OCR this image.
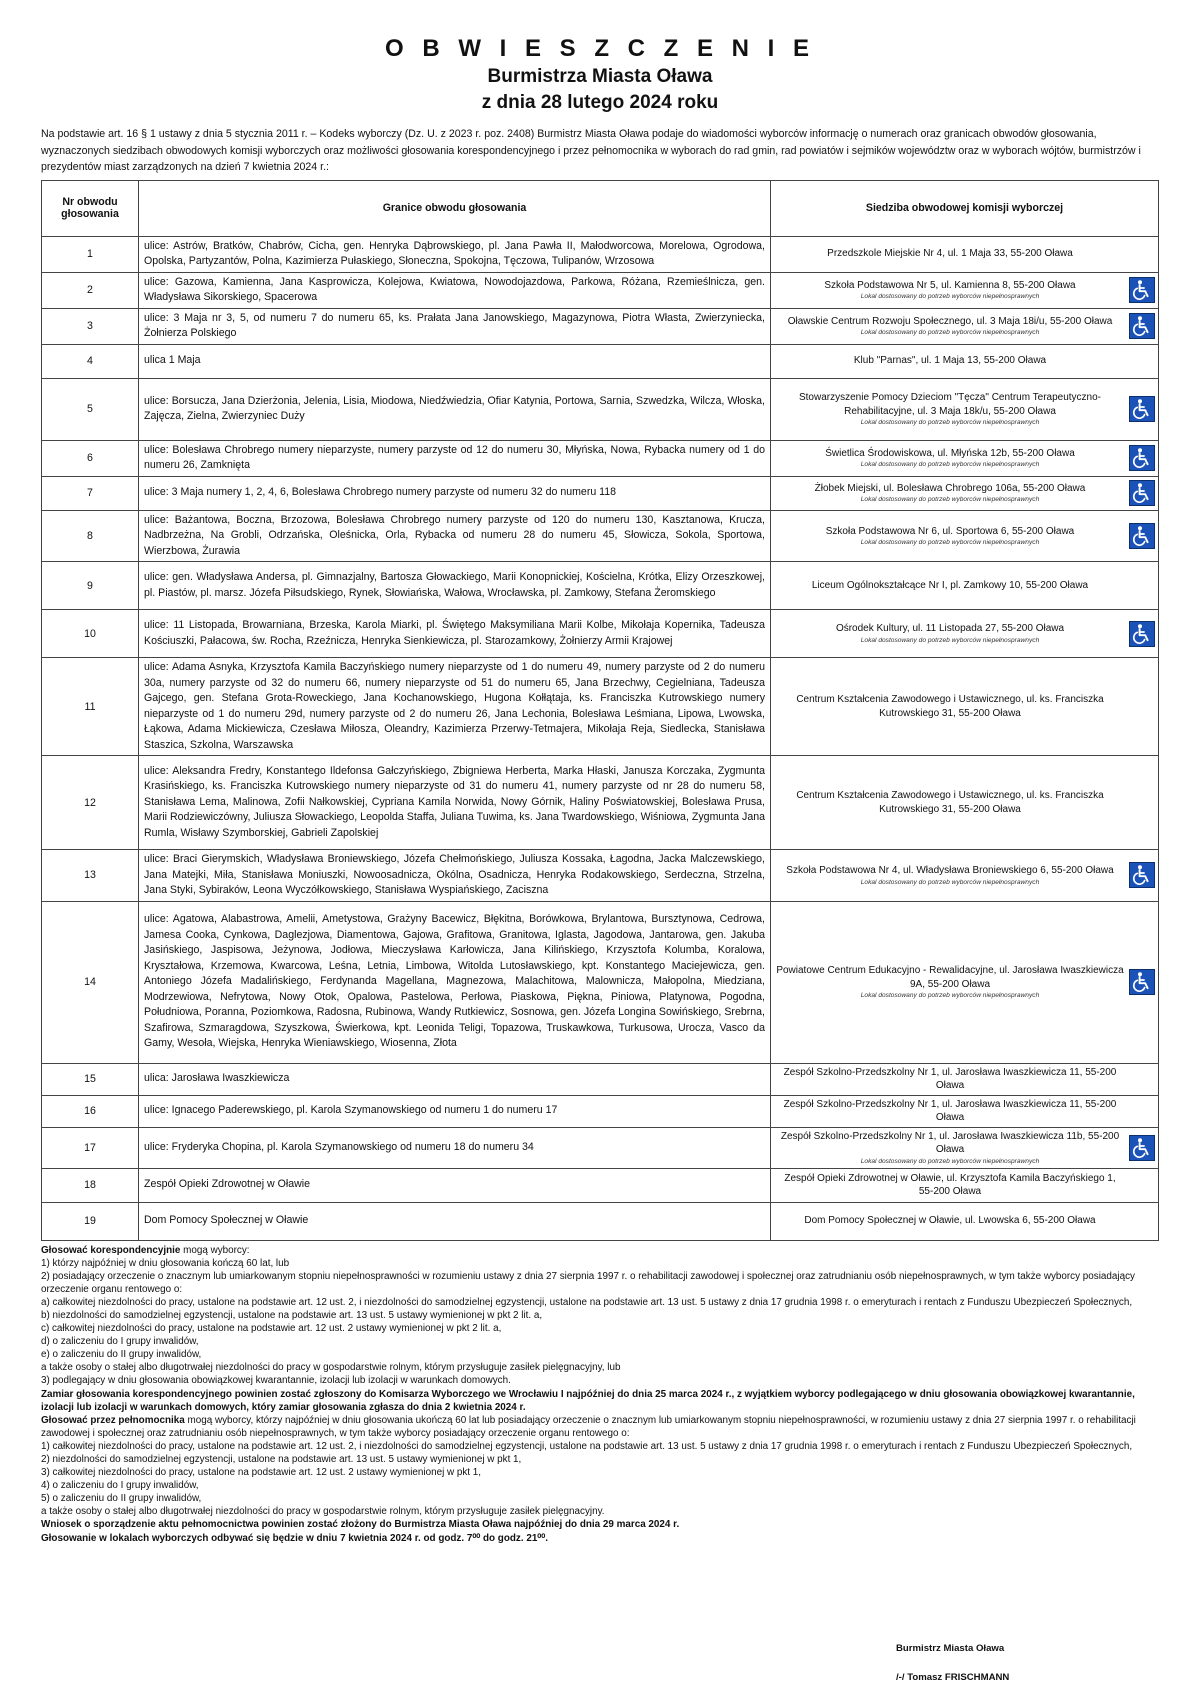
O B W I E S Z C Z E N I E
Burmistrza Miasta Oława
z dnia 28 lutego 2024 roku
Na podstawie art. 16 § 1 ustawy z dnia 5 stycznia 2011 r. – Kodeks wyborczy (Dz. U. z 2023 r. poz. 2408) Burmistrz Miasta Oława podaje do wiadomości wyborców informację o numerach oraz granicach obwodów głosowania, wyznaczonych siedzibach obwodowych komisji wyborczych oraz możliwości głosowania korespondencyjnego i przez pełnomocnika w wyborach do rad gmin, rad powiatów i sejmików województw oraz w wyborach wójtów, burmistrzów i prezydentów miast zarządzonych na dzień 7 kwietnia 2024 r.:
Nr obwodu głosowania	Granice obwodu głosowania	Siedziba obwodowej komisji wyborczej
1	ulice: Astrów, Bratków, Chabrów, Cicha, gen. Henryka Dąbrowskiego, pl. Jana Pawła II, Małodworcowa, Morelowa, Ogrodowa, Opolska, Partyzantów, Polna, Kazimierza Pułaskiego, Słoneczna, Spokojna, Tęczowa, Tulipanów, Wrzosowa	Przedszkole Miejskie Nr 4, ul. 1 Maja 33, 55-200 Oława
2	ulice: Gazowa, Kamienna, Jana Kasprowicza, Kolejowa, Kwiatowa, Nowodojazdowa, Parkowa, Różana, Rzemieślnicza, gen. Władysława Sikorskiego, Spacerowa	Szkoła Podstawowa Nr 5, ul. Kamienna 8, 55-200 Oława
Lokal dostosowany do potrzeb wyborców niepełnosprawnych

3	ulice: 3 Maja nr 3, 5, od numeru 7 do numeru 65, ks. Prałata Jana Janowskiego, Magazynowa, Piotra Własta, Zwierzyniecka, Żołnierza Polskiego	Oławskie Centrum Rozwoju Społecznego, ul. 3 Maja 18i/u, 55-200 Oława
Lokal dostosowany do potrzeb wyborców niepełnosprawnych

4	ulica 1 Maja	Klub "Parnas", ul. 1 Maja 13, 55-200 Oława
5	ulice: Borsucza, Jana Dzierżonia, Jelenia, Lisia, Miodowa, Niedźwiedzia, Ofiar Katynia, Portowa, Sarnia, Szwedzka, Wilcza, Włoska, Zajęcza, Zielna, Zwierzyniec Duży	Stowarzyszenie Pomocy Dzieciom "Tęcza" Centrum Terapeutyczno-Rehabilitacyjne, ul. 3 Maja 18k/u, 55-200 Oława
Lokal dostosowany do potrzeb wyborców niepełnosprawnych

6	ulice: Bolesława Chrobrego numery nieparzyste, numery parzyste od 12 do numeru 30, Młyńska, Nowa, Rybacka numery od 1 do numeru 26, Zamknięta	Świetlica Środowiskowa, ul. Młyńska 12b, 55-200 Oława
Lokal dostosowany do potrzeb wyborców niepełnosprawnych

7	ulice: 3 Maja numery 1, 2, 4, 6, Bolesława Chrobrego numery parzyste od numeru 32 do numeru 118	Żłobek Miejski, ul. Bolesława Chrobrego 106a, 55-200 Oława
Lokal dostosowany do potrzeb wyborców niepełnosprawnych

8	ulice: Bażantowa, Boczna, Brzozowa, Bolesława Chrobrego numery parzyste od 120 do numeru 130, Kasztanowa, Krucza, Nadbrzeżna, Na Grobli, Odrzańska, Oleśnicka, Orla, Rybacka od numeru 28 do numeru 45, Słowicza, Sokola, Sportowa, Wierzbowa, Żurawia	Szkoła Podstawowa Nr 6, ul. Sportowa 6, 55-200 Oława
Lokal dostosowany do potrzeb wyborców niepełnosprawnych

9	ulice: gen. Władysława Andersa, pl. Gimnazjalny, Bartosza Głowackiego, Marii Konopnickiej, Kościelna, Krótka, Elizy Orzeszkowej, pl. Piastów, pl. marsz. Józefa Piłsudskiego, Rynek, Słowiańska, Wałowa, Wrocławska, pl. Zamkowy, Stefana Żeromskiego	Liceum Ogólnokształcące Nr I, pl. Zamkowy 10, 55-200 Oława
10	ulice: 11 Listopada, Browarniana, Brzeska, Karola Miarki, pl. Świętego Maksymiliana Marii Kolbe, Mikołaja Kopernika, Tadeusza Kościuszki, Pałacowa, św. Rocha, Rzeźnicza, Henryka Sienkiewicza, pl. Starozamkowy, Żołnierzy Armii Krajowej	Ośrodek Kultury, ul. 11 Listopada 27, 55-200 Oława
Lokal dostosowany do potrzeb wyborców niepełnosprawnych

11	ulice: Adama Asnyka, Krzysztofa Kamila Baczyńskiego numery nieparzyste od 1 do numeru 49, numery parzyste od 2 do numeru 30a, numery parzyste od 32 do numeru 66, numery nieparzyste od 51 do numeru 65, Jana Brzechwy, Cegielniana, Tadeusza Gajcego, gen. Stefana Grota-Roweckiego, Jana Kochanowskiego, Hugona Kołłątaja, ks. Franciszka Kutrowskiego numery nieparzyste od 1 do numeru 29d, numery parzyste od 2 do numeru 26, Jana Lechonia, Bolesława Leśmiana, Lipowa, Lwowska, Łąkowa, Adama Mickiewicza, Czesława Miłosza, Oleandry, Kazimierza Przerwy-Tetmajera, Mikołaja Reja, Siedlecka, Stanisława Staszica, Szkolna, Warszawska	Centrum Kształcenia Zawodowego i Ustawicznego, ul. ks. Franciszka Kutrowskiego 31, 55-200 Oława
12	ulice: Aleksandra Fredry, Konstantego Ildefonsa Gałczyńskiego, Zbigniewa Herberta, Marka Hłaski, Janusza Korczaka, Zygmunta Krasińskiego, ks. Franciszka Kutrowskiego numery nieparzyste od 31 do numeru 41, numery parzyste od nr 28 do numeru 58, Stanisława Lema, Malinowa, Zofii Nałkowskiej, Cypriana Kamila Norwida, Nowy Górnik, Haliny Poświatowskiej, Bolesława Prusa, Marii Rodziewiczówny, Juliusza Słowackiego, Leopolda Staffa, Juliana Tuwima, ks. Jana Twardowskiego, Wiśniowa, Zygmunta Jana Rumla, Wisławy Szymborskiej, Gabrieli Zapolskiej	Centrum Kształcenia Zawodowego i Ustawicznego, ul. ks. Franciszka Kutrowskiego 31, 55-200 Oława
13	ulice: Braci Gierymskich, Władysława Broniewskiego, Józefa Chełmońskiego, Juliusza Kossaka, Łagodna, Jacka Malczewskiego, Jana Matejki, Miła, Stanisława Moniuszki, Nowoosadnicza, Okólna, Osadnicza, Henryka Rodakowskiego, Serdeczna, Strzelna, Jana Styki, Sybiraków, Leona Wyczółkowskiego, Stanisława Wyspiańskiego, Zaciszna	Szkoła Podstawowa Nr 4, ul. Władysława Broniewskiego 6, 55-200 Oława
Lokal dostosowany do potrzeb wyborców niepełnosprawnych

14	ulice: Agatowa, Alabastrowa, Amelii, Ametystowa, Grażyny Bacewicz, Błękitna, Borówkowa, Brylantowa, Bursztynowa, Cedrowa, Jamesa Cooka, Cynkowa, Daglezjowa, Diamentowa, Gajowa, Grafitowa, Granitowa, Iglasta, Jagodowa, Jantarowa, gen. Jakuba Jasińskiego, Jaspisowa, Jeżynowa, Jodłowa, Mieczysława Karłowicza, Jana Kilińskiego, Krzysztofa Kolumba, Koralowa, Kryształowa, Krzemowa, Kwarcowa, Leśna, Letnia, Limbowa, Witolda Lutosławskiego, kpt. Konstantego Maciejewicza, gen. Antoniego Józefa Madalińskiego, Ferdynanda Magellana, Magnezowa, Malachitowa, Malownicza, Małopolna, Miedziana, Modrzewiowa, Nefrytowa, Nowy Otok, Opalowa, Pastelowa, Perłowa, Piaskowa, Piękna, Piniowa, Platynowa, Pogodna, Południowa, Poranna, Poziomkowa, Radosna, Rubinowa, Wandy Rutkiewicz, Sosnowa, gen. Józefa Longina Sowińskiego, Srebrna, Szafirowa, Szmaragdowa, Szyszkowa, Świerkowa, kpt. Leonida Teligi, Topazowa, Truskawkowa, Turkusowa, Urocza, Vasco da Gamy, Wesoła, Wiejska, Henryka Wieniawskiego, Wiosenna, Złota	Powiatowe Centrum Edukacyjno - Rewalidacyjne, ul. Jarosława Iwaszkiewicza 9A, 55-200 Oława
Lokal dostosowany do potrzeb wyborców niepełnosprawnych

15	ulica: Jarosława Iwaszkiewicza	Zespół Szkolno-Przedszkolny Nr 1, ul. Jarosława Iwaszkiewicza 11, 55-200 Oława
16	ulice: Ignacego Paderewskiego, pl. Karola Szymanowskiego od numeru 1 do numeru 17	Zespół Szkolno-Przedszkolny Nr 1, ul. Jarosława Iwaszkiewicza 11, 55-200 Oława
17	ulice: Fryderyka Chopina, pl. Karola Szymanowskiego od numeru 18 do numeru 34	Zespół Szkolno-Przedszkolny Nr 1, ul. Jarosława Iwaszkiewicza 11b, 55-200 Oława
Lokal dostosowany do potrzeb wyborców niepełnosprawnych

18	Zespół Opieki Zdrowotnej w Oławie	Zespół Opieki Zdrowotnej w Oławie, ul. Krzysztofa Kamila Baczyńskiego 1, 55-200 Oława
19	Dom Pomocy Społecznej w Oławie	Dom Pomocy Społecznej w Oławie, ul. Lwowska 6, 55-200 Oława
Głosować korespondencyjnie mogą wyborcy:
1) którzy najpóźniej w dniu głosowania kończą 60 lat, lub
2) posiadający orzeczenie o znacznym lub umiarkowanym stopniu niepełnosprawności w rozumieniu ustawy z dnia 27 sierpnia 1997 r. o rehabilitacji zawodowej i społecznej oraz zatrudnianiu osób niepełnosprawnych, w tym także wyborcy posiadający orzeczenie organu rentowego o:
a) całkowitej niezdolności do pracy, ustalone na podstawie art. 12 ust. 2, i niezdolności do samodzielnej egzystencji, ustalone na podstawie art. 13 ust. 5 ustawy z dnia 17 grudnia 1998 r. o emeryturach i rentach z Funduszu Ubezpieczeń Społecznych,
b) niezdolności do samodzielnej egzystencji, ustalone na podstawie art. 13 ust. 5 ustawy wymienionej w pkt 2 lit. a,
c) całkowitej niezdolności do pracy, ustalone na podstawie art. 12 ust. 2 ustawy wymienionej w pkt 2 lit. a,
d) o zaliczeniu do I grupy inwalidów,
e) o zaliczeniu do II grupy inwalidów,
a także osoby o stałej albo długotrwałej niezdolności do pracy w gospodarstwie rolnym, którym przysługuje zasiłek pielęgnacyjny, lub
3) podlegający w dniu głosowania obowiązkowej kwarantannie, izolacji lub izolacji w warunkach domowych.
Zamiar głosowania korespondencyjnego powinien zostać zgłoszony do Komisarza Wyborczego we Wrocławiu I najpóźniej do dnia 25 marca 2024 r., z wyjątkiem wyborcy podlegającego w dniu głosowania obowiązkowej kwarantannie, izolacji lub izolacji w warunkach domowych, który zamiar głosowania zgłasza do dnia 2 kwietnia 2024 r.
Głosować przez pełnomocnika mogą wyborcy, którzy najpóźniej w dniu głosowania ukończą 60 lat lub posiadający orzeczenie o znacznym lub umiarkowanym stopniu niepełnosprawności, w rozumieniu ustawy z dnia 27 sierpnia 1997 r. o rehabilitacji zawodowej i społecznej oraz zatrudnianiu osób niepełnosprawnych, w tym także wyborcy posiadający orzeczenie organu rentowego o:
1) całkowitej niezdolności do pracy, ustalone na podstawie art. 12 ust. 2, i niezdolności do samodzielnej egzystencji, ustalone na podstawie art. 13 ust. 5 ustawy z dnia 17 grudnia 1998 r. o emeryturach i rentach z Funduszu Ubezpieczeń Społecznych,
2) niezdolności do samodzielnej egzystencji, ustalone na podstawie art. 13 ust. 5 ustawy wymienionej w pkt 1,
3) całkowitej niezdolności do pracy, ustalone na podstawie art. 12 ust. 2 ustawy wymienionej w pkt 1,
4) o zaliczeniu do I grupy inwalidów,
5) o zaliczeniu do II grupy inwalidów,
a także osoby o stałej albo długotrwałej niezdolności do pracy w gospodarstwie rolnym, którym przysługuje zasiłek pielęgnacyjny.
Wniosek o sporządzenie aktu pełnomocnictwa powinien zostać złożony do Burmistrza Miasta Oława najpóźniej do dnia 29 marca 2024 r.
Głosowanie w lokalach wyborczych odbywać się będzie w dniu 7 kwietnia 2024 r. od godz. 7⁰⁰ do godz. 21⁰⁰.
Burmistrz Miasta Oława
/-/ Tomasz FRISCHMANN
